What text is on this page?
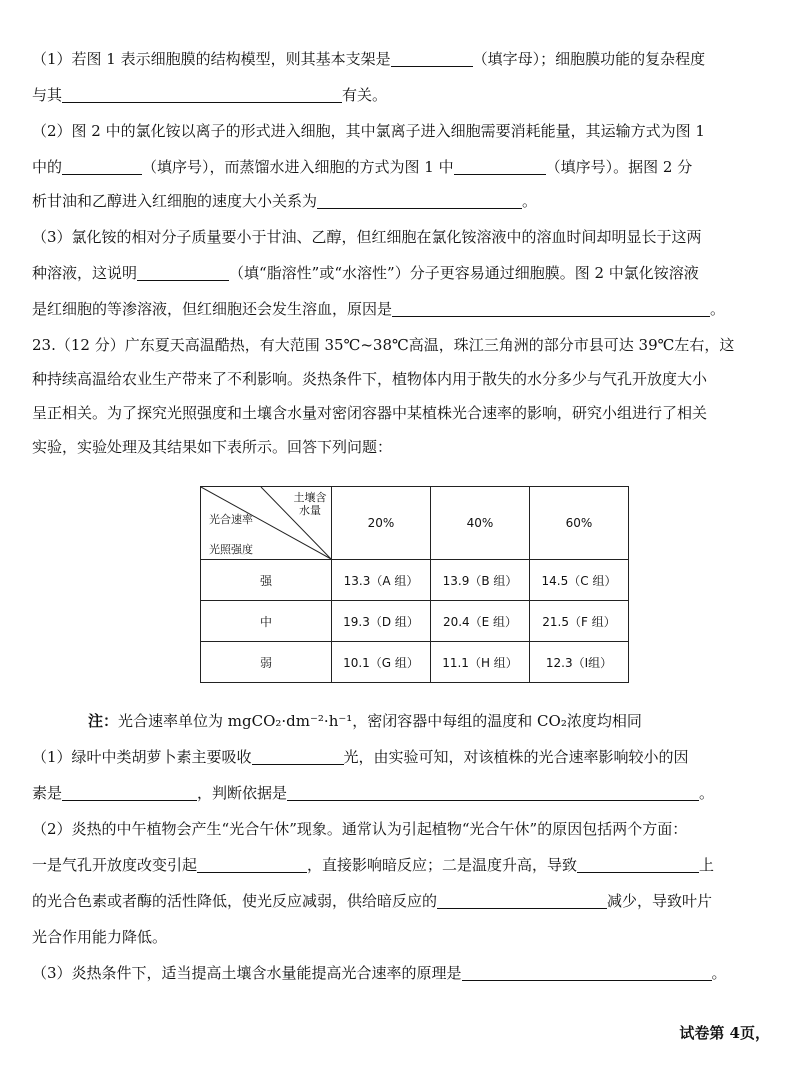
（1）若图 1 表示细胞膜的结构模型，则其基本支架是	（填字母）；细胞膜功能的复杂程度
与其	有关。
（2）图 2 中的氯化铵以离子的形式进入细胞，其中氯离子进入细胞需要消耗能量，其运输方式为图 1
中的	（填序号），而蒸馏水进入细胞的方式为图 1 中	（填序号）。据图 2 分
析甘油和乙醇进入红细胞的速度大小关系为	。
（3）氯化铵的相对分子质量要小于甘油、乙醇，但红细胞在氯化铵溶液中的溶血时间却明显长于这两
种溶液，这说明	（填“脂溶性”或“水溶性”）分子更容易通过细胞膜。图 2 中氯化铵溶液
是红细胞的等渗溶液，但红细胞还会发生溶血，原因是	。
23.（12 分）广东夏天高温酷热，有大范围 35℃~38℃高温，珠江三角洲的部分市县可达 39℃左右，这
种持续高温给农业生产带来了不利影响。炎热条件下，植物体内用于散失的水分多少与气孔开放度大小
呈正相关。为了探究光照强度和土壤含水量对密闭容器中某植株光合速率的影响，研究小组进行了相关
实验，实验处理及其结果如下表所示。回答下列问题：
土壤含水量
光合速率
光照强度	20%	40%	60%
强	13.3（A 组）	13.9（B 组）	14.5（C 组）
中	19.3（D 组）	20.4（E 组）	21.5（F 组）
弱	10.1（G 组）	11.1（H 组）	12.3（Ⅰ组）
注：光合速率单位为 mgCO₂·dm⁻²·h⁻¹，密闭容器中每组的温度和 CO₂浓度均相同
（1）绿叶中类胡萝卜素主要吸收	光，由实验可知，对该植株的光合速率影响较小的因
素是	，判断依据是	。
（2）炎热的中午植物会产生“光合午休”现象。通常认为引起植物“光合午休”的原因包括两个方面：
一是气孔开放度改变引起	，直接影响暗反应；二是温度升高，导致	上
的光合色素或者酶的活性降低，使光反应减弱，供给暗反应的	减少，导致叶片
光合作用能力降低。
（3）炎热条件下，适当提高土壤含水量能提高光合速率的原理是	。
试卷第 4页，
